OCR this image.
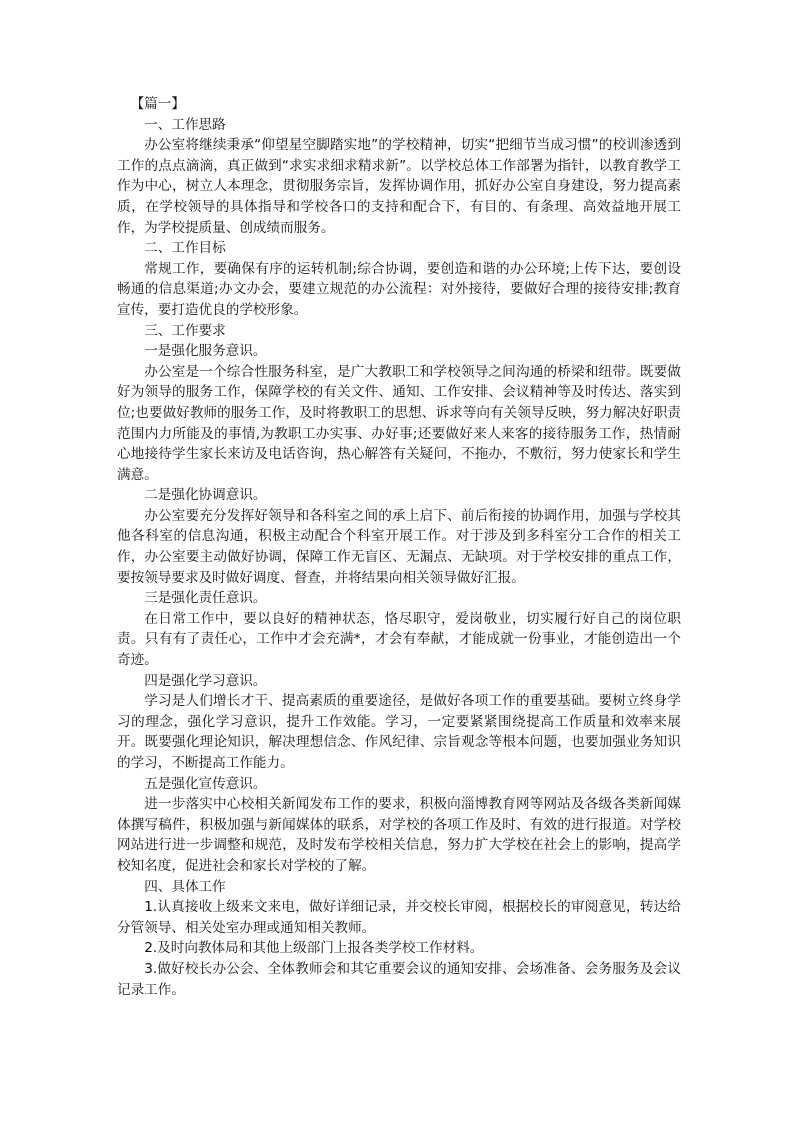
【篇一】

一、工作思路

办公室将继续秉承“仰望星空脚踏实地”的学校精神，切实“把细节当成习惯”的校训渗透到工作的点点滴滴，真正做到“求实求细求精求新”。以学校总体工作部署为指针，以教育教学工作为中心，树立人本理念，贯彻服务宗旨，发挥协调作用，抓好办公室自身建设，努力提高素质，在学校领导的具体指导和学校各口的支持和配合下，有目的、有条理、高效益地开展工作，为学校提质量、创成绩而服务。

二、工作目标

常规工作，要确保有序的运转机制;综合协调，要创造和谐的办公环境;上传下达，要创设畅通的信息渠道;办文办会，要建立规范的办公流程：对外接待，要做好合理的接待安排;教育宣传，要打造优良的学校形象。

三、工作要求

一是强化服务意识。

办公室是一个综合性服务科室，是广大教职工和学校领导之间沟通的桥梁和纽带。既要做好为领导的服务工作，保障学校的有关文件、通知、工作安排、会议精神等及时传达、落实到位;也要做好教师的服务工作，及时将教职工的思想、诉求等向有关领导反映，努力解决好职责范围内力所能及的事情,为教职工办实事、办好事;还要做好来人来客的接待服务工作，热情耐心地接待学生家长来访及电话咨询，热心解答有关疑问，不拖办，不敷衍，努力使家长和学生满意。

二是强化协调意识。

办公室要充分发挥好领导和各科室之间的承上启下、前后衔接的协调作用，加强与学校其他各科室的信息沟通，积极主动配合个科室开展工作。对于涉及到多科室分工合作的相关工作，办公室要主动做好协调，保障工作无盲区、无漏点、无缺项。对于学校安排的重点工作，要按领导要求及时做好调度、督查，并将结果向相关领导做好汇报。

三是强化责任意识。

在日常工作中，要以良好的精神状态，恪尽职守，爱岗敬业，切实履行好自己的岗位职责。只有有了责任心，工作中才会充满*，才会有奉献，才能成就一份事业，才能创造出一个奇迹。

四是强化学习意识。

学习是人们增长才干、提高素质的重要途径，是做好各项工作的重要基础。要树立终身学习的理念，强化学习意识，提升工作效能。学习，一定要紧紧围绕提高工作质量和效率来展开。既要强化理论知识，解决理想信念、作风纪律、宗旨观念等根本问题，也要加强业务知识的学习，不断提高工作能力。

五是强化宣传意识。

进一步落实中心校相关新闻发布工作的要求，积极向淄博教育网等网站及各级各类新闻媒体撰写稿件，积极加强与新闻媒体的联系，对学校的各项工作及时、有效的进行报道。对学校网站进行进一步调整和规范，及时发布学校相关信息，努力扩大学校在社会上的影响，提高学校知名度，促进社会和家长对学校的了解。

四、具体工作

1.认真接收上级来文来电，做好详细记录，并交校长审阅，根据校长的审阅意见，转达给分管领导、相关处室办理或通知相关教师。

2.及时向教体局和其他上级部门上报各类学校工作材料。

3.做好校长办公会、全体教师会和其它重要会议的通知安排、会场准备、会务服务及会议记录工作。
